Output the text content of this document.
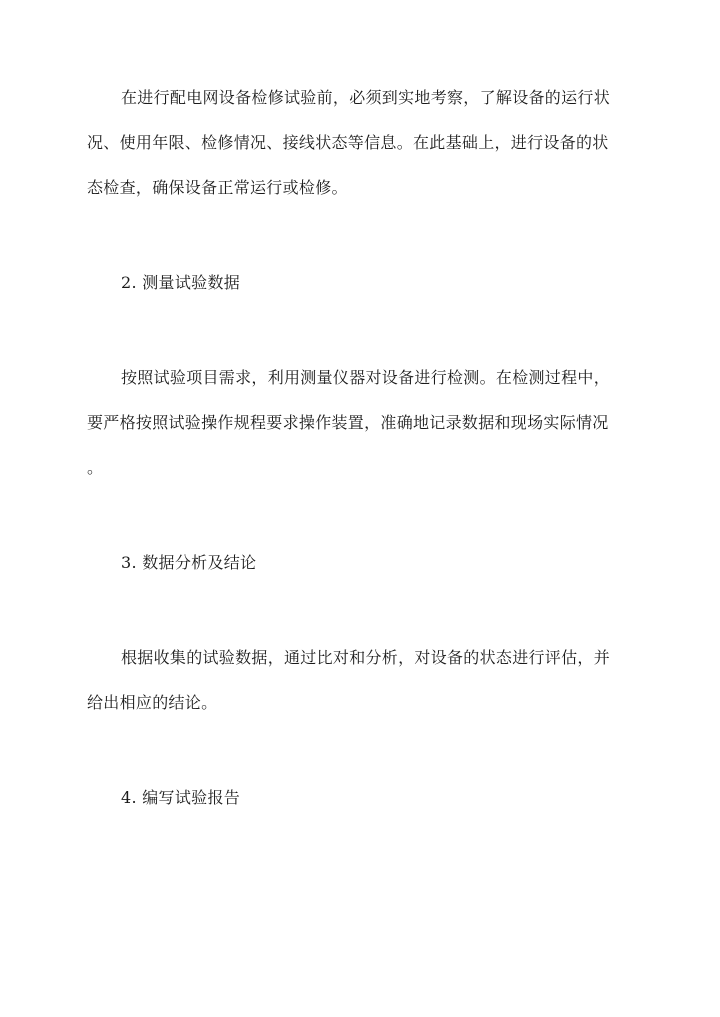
在进行配电网设备检修试验前，必须到实地考察，了解设备的运行状
况、使用年限、检修情况、接线状态等信息。在此基础上，进行设备的状
态检查，确保设备正常运行或检修。
2. 测量试验数据
按照试验项目需求，利用测量仪器对设备进行检测。在检测过程中，
要严格按照试验操作规程要求操作装置，准确地记录数据和现场实际情况
。
3. 数据分析及结论
根据收集的试验数据，通过比对和分析，对设备的状态进行评估，并
给出相应的结论。
4. 编写试验报告
